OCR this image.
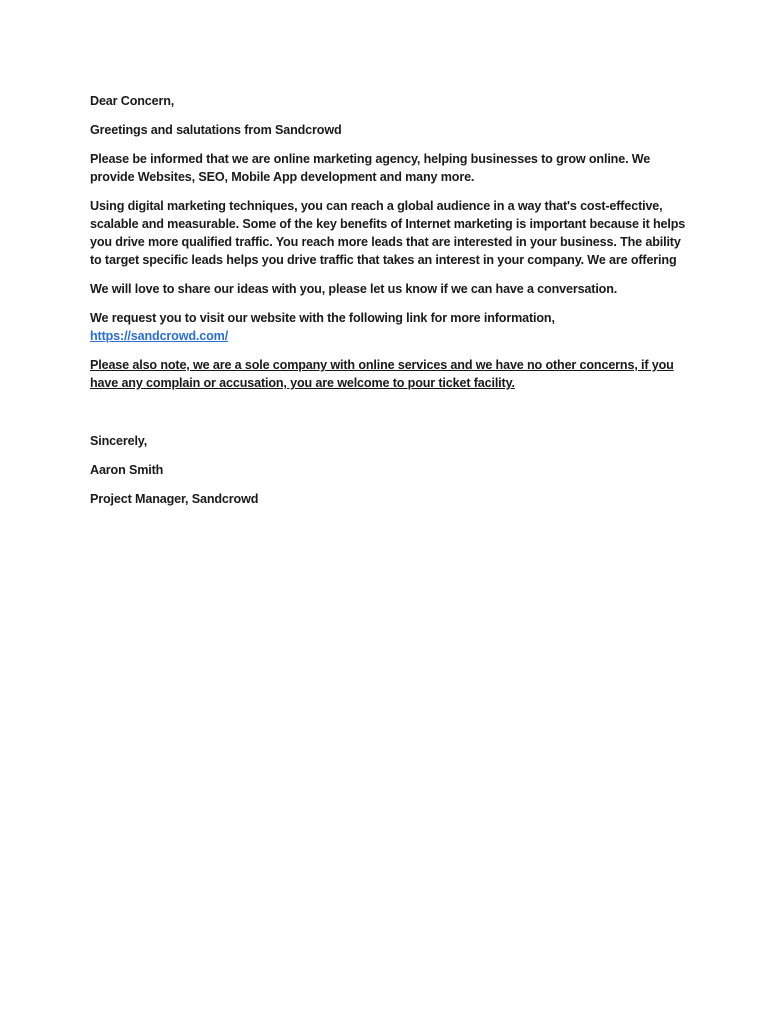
Dear Concern,

Greetings and salutations from Sandcrowd

Please be informed that we are online marketing agency, helping businesses to grow online. We provide Websites, SEO, Mobile App development and many more.

Using digital marketing techniques, you can reach a global audience in a way that's cost-effective, scalable and measurable. Some of the key benefits of Internet marketing is important because it helps you drive more qualified traffic. You reach more leads that are interested in your business. The ability to target specific leads helps you drive traffic that takes an interest in your company. We are offering

We will love to share our ideas with you, please let us know if we can have a conversation.

We request you to visit our website with the following link for more information,
https://sandcrowd.com/

Please also note, we are a sole company with online services and we have no other concerns, if you have any complain or accusation, you are welcome to pour ticket facility.

Sincerely,

Aaron Smith

Project Manager, Sandcrowd
